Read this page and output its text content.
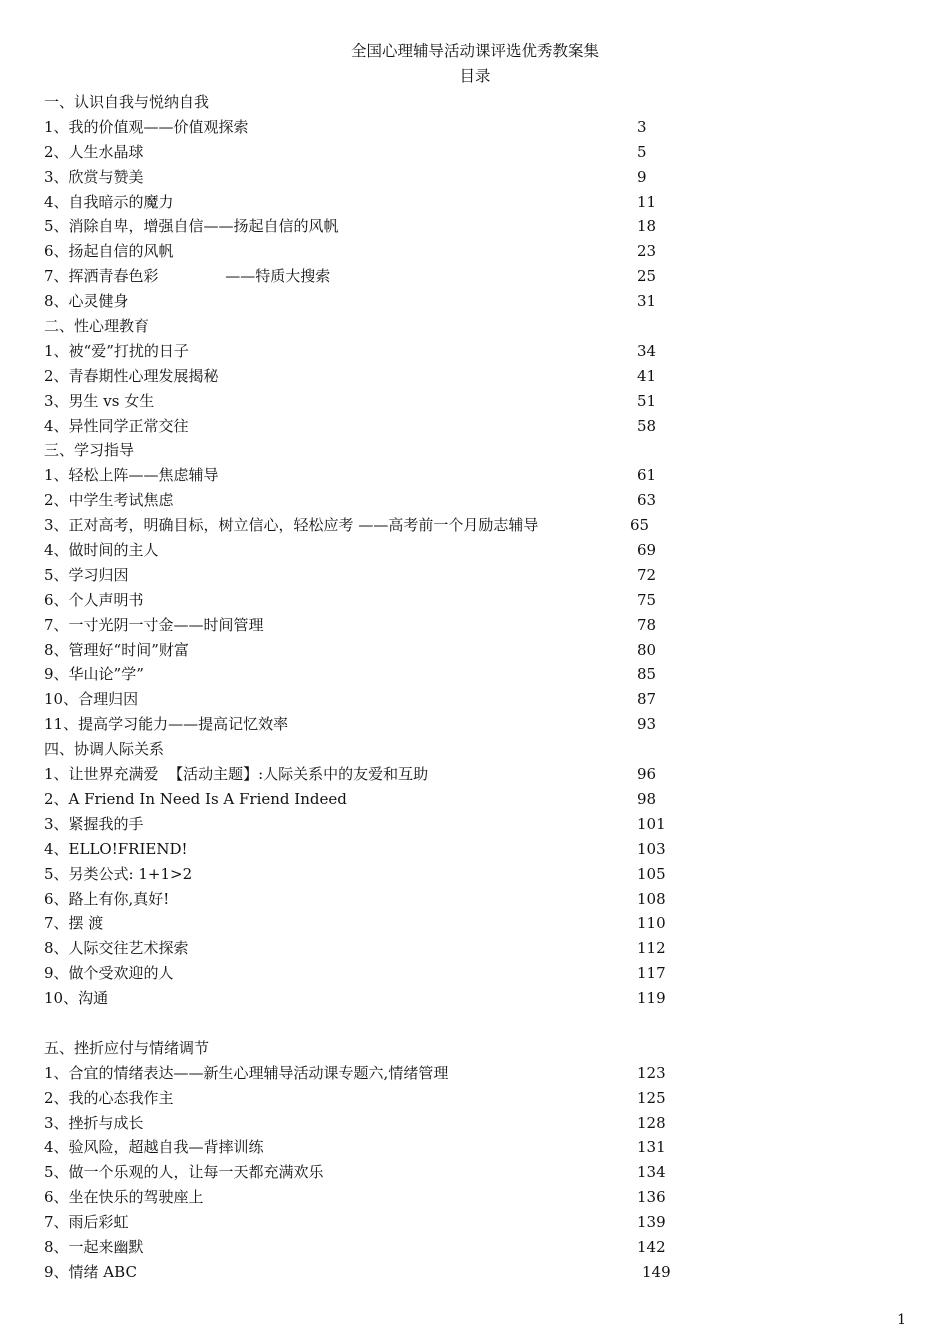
全国心理辅导活动课评选优秀教案集
目录
一、认识自我与悦纳自我
1、我的价值观——价值观探索	3
2、人生水晶球	5
3、欣赏与赞美	9
4、自我暗示的魔力	11
5、消除自卑，增强自信——扬起自信的风帆	18
6、扬起自信的风帆	23
7、挥洒青春色彩              ——特质大搜索	25
8、心灵健身	31
二、性心理教育
1、被“爱”打扰的日子	34
2、青春期性心理发展揭秘	41
3、男生 vs 女生	51
4、异性同学正常交往	58
三、学习指导
1、轻松上阵——焦虑辅导	61
2、中学生考试焦虑	63
3、正对高考，明确目标，树立信心，轻松应考 ——高考前一个月励志辅导	65
4、做时间的主人	69
5、学习归因	72
6、个人声明书	75
7、一寸光阴一寸金——时间管理	78
8、管理好“时间”财富	80
9、华山论”学”	85
10、合理归因	87
11、提高学习能力——提高记忆效率	93
四、协调人际关系
1、让世界充满爱  【活动主题】:人际关系中的友爱和互助	96
2、A Friend In Need Is A Friend Indeed	98
3、紧握我的手	101
4、ELLO!FRIEND!	103
5、另类公式: 1+1>2	105
6、路上有你,真好!	108
7、摆 渡	110
8、人际交往艺术探索	112
9、做个受欢迎的人	117
10、沟通	119
五、挫折应付与情绪调节
1、合宜的情绪表达——新生心理辅导活动课专题六,情绪管理	123
2、我的心态我作主	125
3、挫折与成长	128
4、验风险，超越自我—背摔训练	131
5、做一个乐观的人，让每一天都充满欢乐	134
6、坐在快乐的驾驶座上	136
7、雨后彩虹	139
8、一起来幽默	142
9、情绪 ABC	149
1
